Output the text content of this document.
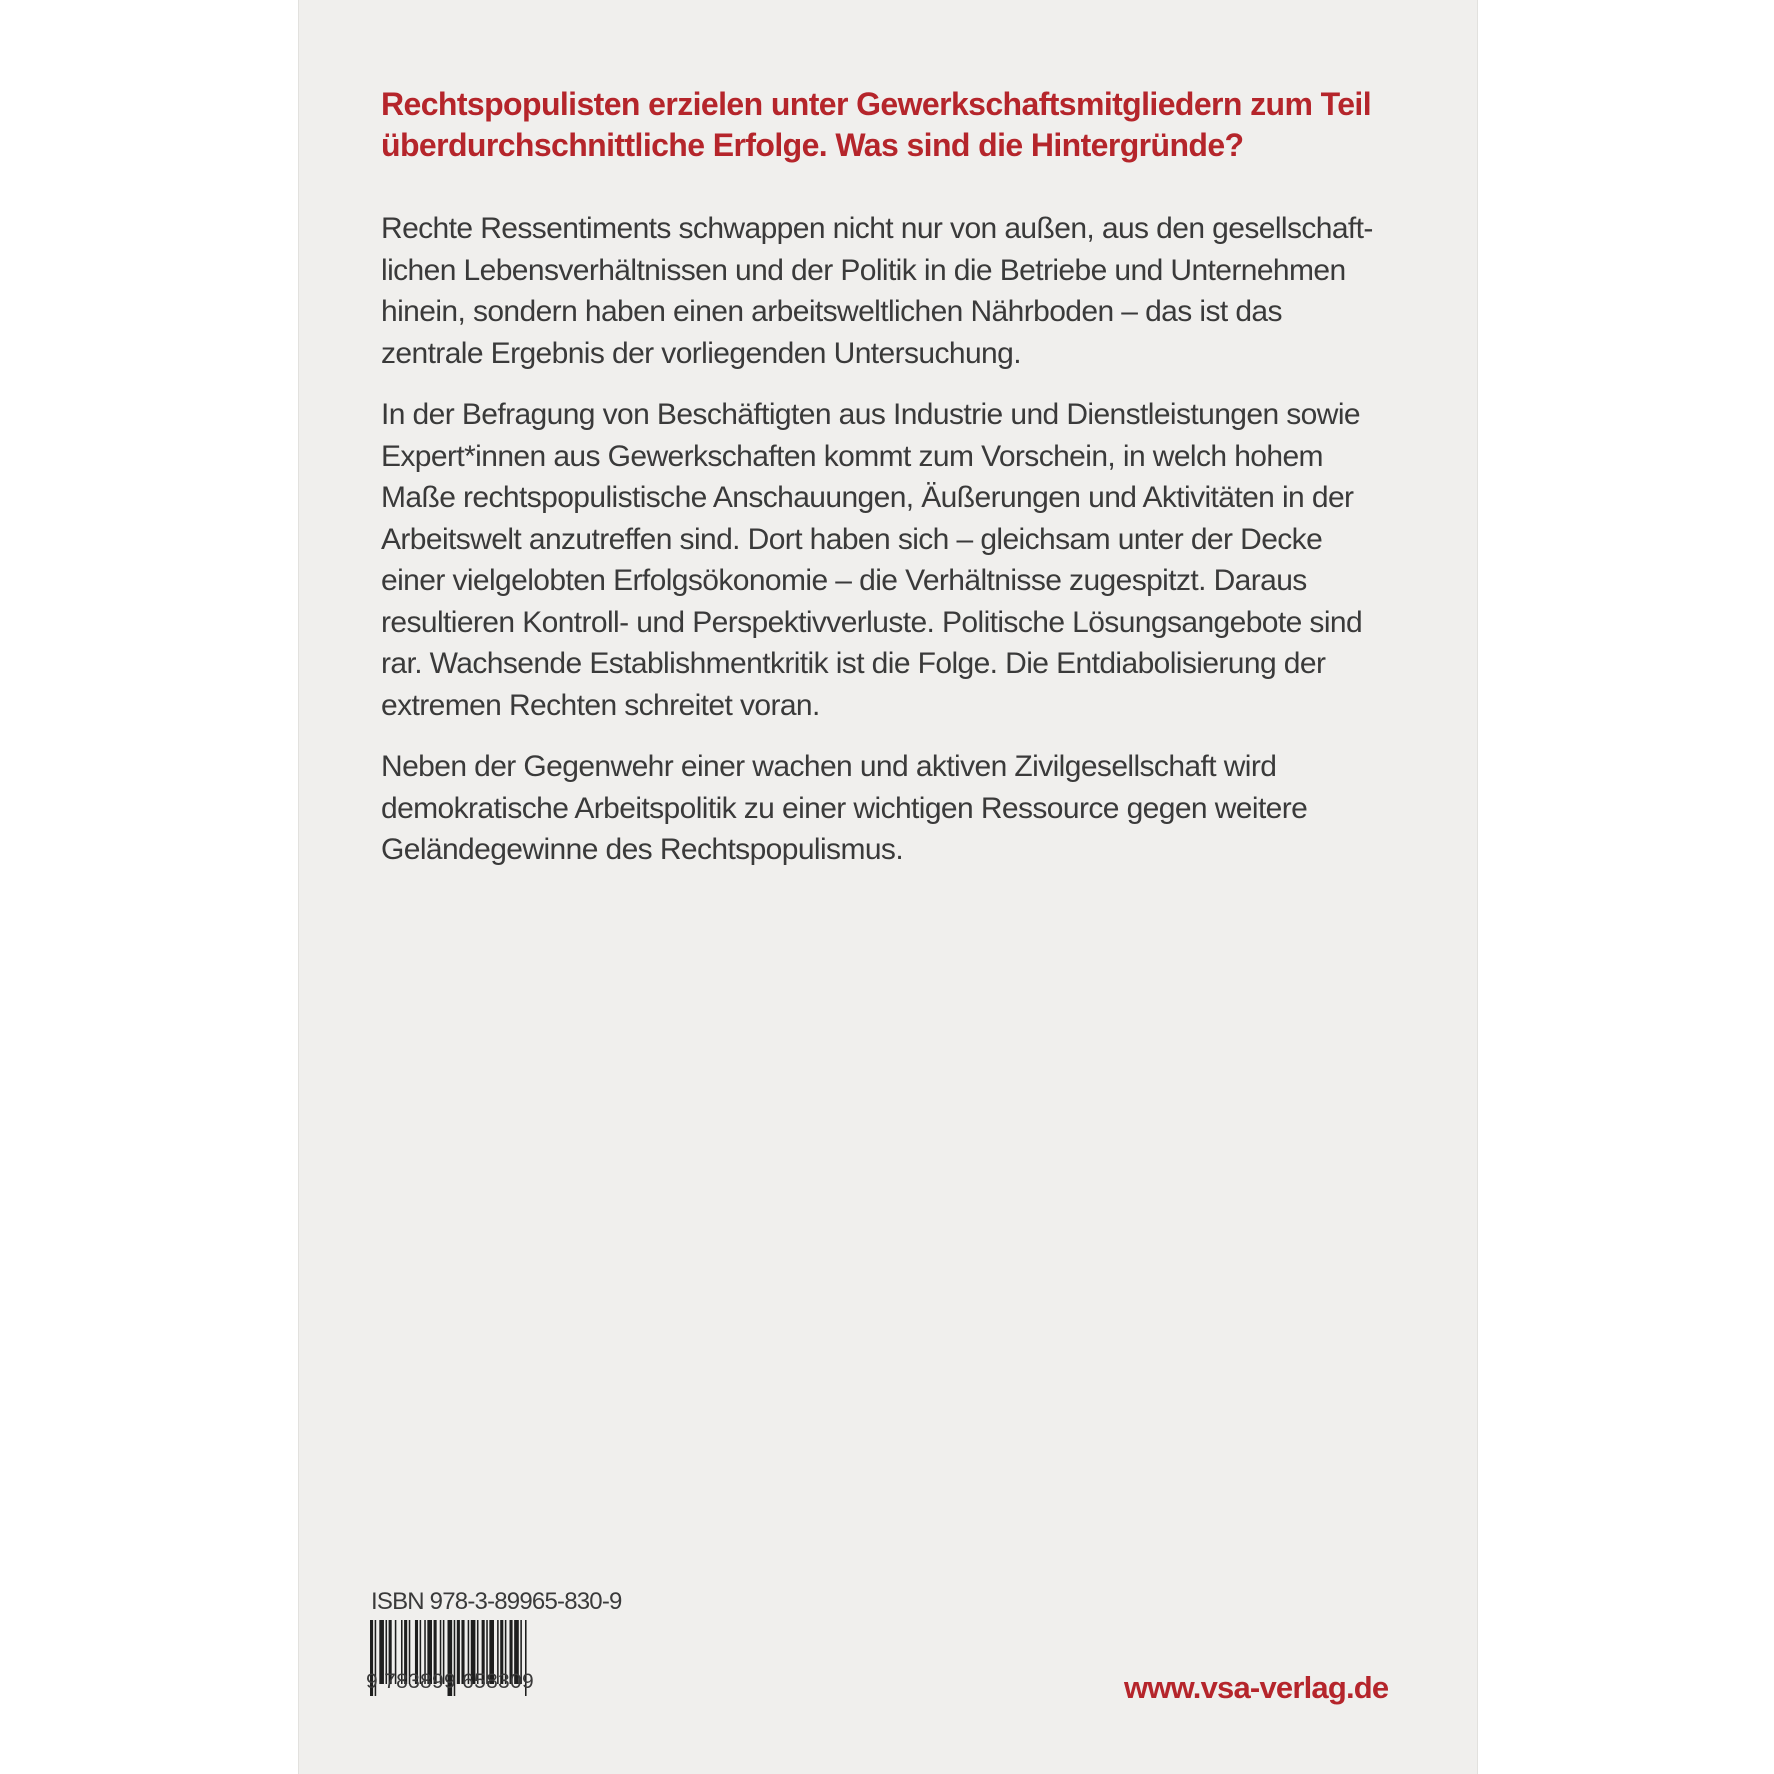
Rechtspopulisten erzielen unter Gewerkschaftsmitgliedern zum Teil
überdurchschnittliche Erfolge. Was sind die Hintergründe?

Rechte Ressentiments schwappen nicht nur von außen, aus den gesellschaft-
lichen Lebensverhältnissen und der Politik in die Betriebe und Unternehmen
hinein, sondern haben einen arbeitsweltlichen Nährboden – das ist das
zentrale Ergebnis der vorliegenden Untersuchung.

In der Befragung von Beschäftigten aus Industrie und Dienstleistungen sowie
Expert*innen aus Gewerkschaften kommt zum Vorschein, in welch hohem
Maße rechtspopulistische Anschauungen, Äußerungen und Aktivitäten in der
Arbeitswelt anzutreffen sind. Dort haben sich – gleichsam unter der Decke
einer vielgelobten Erfolgsökonomie – die Verhältnisse zugespitzt. Daraus
resultieren Kontroll- und Perspektivverluste. Politische Lösungsangebote sind
rar. Wachsende Establishmentkritik ist die Folge. Die Entdiabolisierung der
extremen Rechten schreitet voran.

Neben der Gegenwehr einer wachen und aktiven Zivilgesellschaft wird
demokratische Arbeitspolitik zu einer wichtigen Ressource gegen weitere
Geländegewinne des Rechtspopulismus.

ISBN 978-3-89965-830-9
9 783899 658309	www.vsa-verlag.de
